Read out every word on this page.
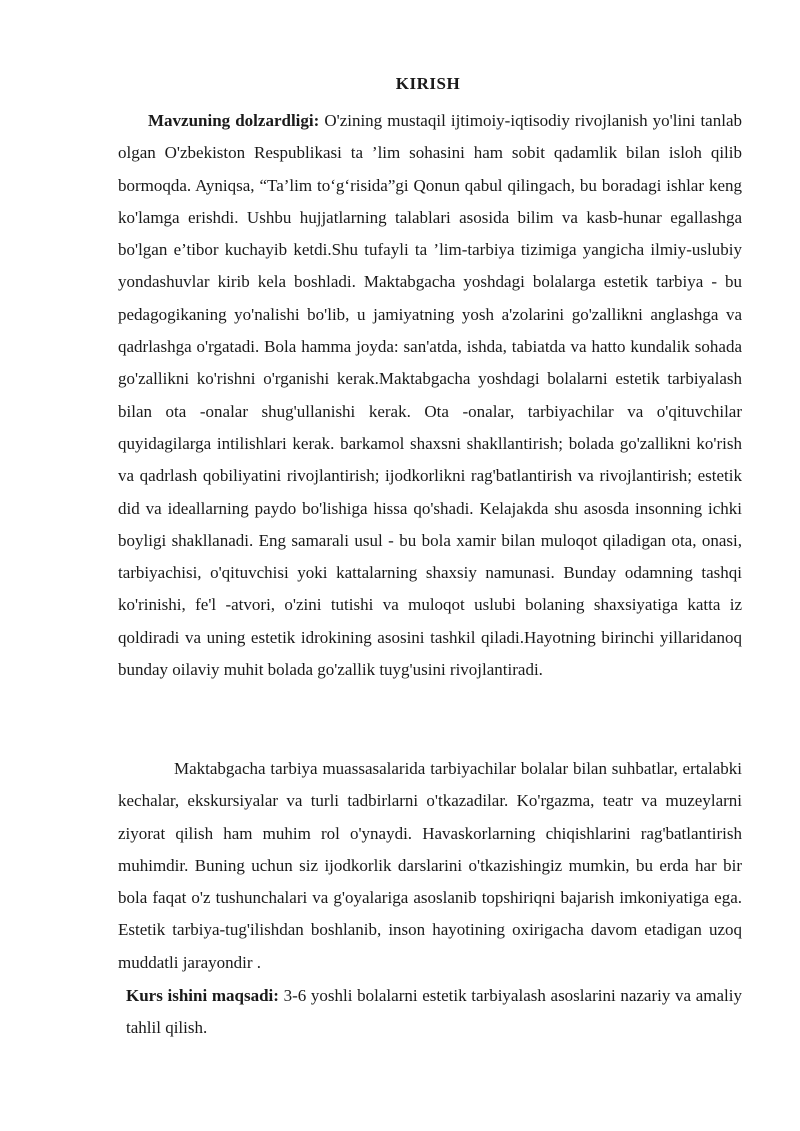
KIRISH

Mavzuning dolzardligi: O'zining mustaqil ijtimoiy-iqtisodiy rivojlanish yo'lini tanlab olgan O'zbekiston Respublikasi ta ’lim sohasini ham sobit qadamlik bilan isloh qilib bormoqda. Ayniqsa, “Ta’lim to‘g‘risida”gi Qonun qabul qilingach, bu boradagi ishlar keng ko'lamga erishdi. Ushbu hujjatlarning talablari asosida bilim va kasb-hunar egallashga bo'lgan e’tibor kuchayib ketdi.Shu tufayli ta ’lim-tarbiya tizimiga yangicha ilmiy-uslubiy yondashuvlar kirib kela boshladi. Maktabgacha yoshdagi bolalarga estetik tarbiya - bu pedagogikaning yo'nalishi bo'lib, u jamiyatning yosh a'zolarini go'zallikni anglashga va qadrlashga o'rgatadi. Bola hamma joyda: san'atda, ishda, tabiatda va hatto kundalik sohada go'zallikni ko'rishni o'rganishi kerak.Maktabgacha yoshdagi bolalarni estetik tarbiyalash bilan ota -onalar shug'ullanishi kerak. Ota -onalar, tarbiyachilar va o'qituvchilar quyidagilarga intilishlari kerak. barkamol shaxsni shakllantirish; bolada go'zallikni ko'rish va qadrlash qobiliyatini rivojlantirish; ijodkorlikni rag'batlantirish va rivojlantirish; estetik did va ideallarning paydo bo'lishiga hissa qo'shadi. Kelajakda shu asosda insonning ichki boyligi shakllanadi. Eng samarali usul - bu bola xamir bilan muloqot qiladigan ota, onasi, tarbiyachisi, o'qituvchisi yoki kattalarning shaxsiy namunasi. Bunday odamning tashqi ko'rinishi, fe'l -atvori, o'zini tutishi va muloqot uslubi bolaning shaxsiyatiga katta iz qoldiradi va uning estetik idrokining asosini tashkil qiladi.Hayotning birinchi yillaridanoq bunday oilaviy muhit bolada go'zallik tuyg'usini rivojlantiradi.

Maktabgacha tarbiya muassasalarida tarbiyachilar bolalar bilan suhbatlar, ertalabki kechalar, ekskursiyalar va turli tadbirlarni o'tkazadilar. Ko'rgazma, teatr va muzeylarni ziyorat qilish ham muhim rol o'ynaydi. Havaskorlarning chiqishlarini rag'batlantirish muhimdir. Buning uchun siz ijodkorlik darslarini o'tkazishingiz mumkin, bu erda har bir bola faqat o'z tushunchalari va g'oyalariga asoslanib topshiriqni bajarish imkoniyatiga ega. Estetik tarbiya-tug'ilishdan boshlanib, inson hayotining oxirigacha davom etadigan uzoq muddatli jarayondir .

Kurs ishini maqsadi: 3-6 yoshli bolalarni estetik tarbiyalash asoslarini nazariy va amaliy tahlil qilish.
